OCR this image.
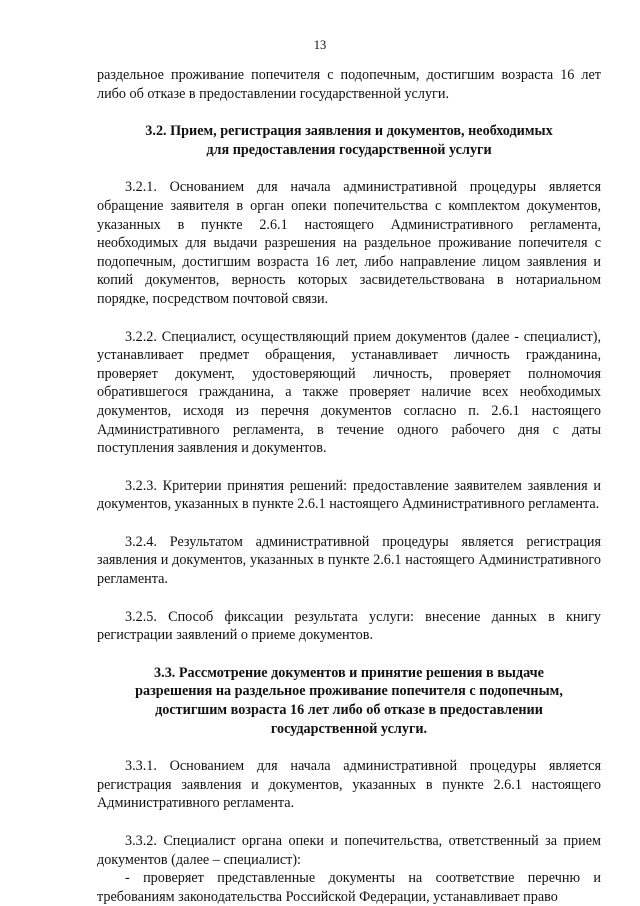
13

раздельное проживание попечителя с подопечным, достигшим возраста 16 лет либо об отказе в предоставлении государственной услуги.

3.2. Прием, регистрация заявления и документов, необходимых
для предоставления государственной услуги

3.2.1. Основанием для начала административной процедуры является обращение заявителя в орган опеки попечительства с комплектом документов, указанных в пункте 2.6.1 настоящего Административного регламента, необходимых для выдачи разрешения на раздельное проживание попечителя с подопечным, достигшим возраста 16 лет, либо направление лицом заявления и копий документов, верность которых засвидетельствована в нотариальном порядке, посредством почтовой связи.

3.2.2. Специалист, осуществляющий прием документов (далее - специалист), устанавливает предмет обращения, устанавливает личность гражданина, проверяет документ, удостоверяющий личность, проверяет полномочия обратившегося гражданина, а также проверяет наличие всех необходимых документов, исходя из перечня документов согласно п. 2.6.1 настоящего Административного регламента, в течение одного рабочего дня с даты поступления заявления и документов.

3.2.3. Критерии принятия решений: предоставление заявителем заявления и документов, указанных в пункте 2.6.1 настоящего Административного регламента.

3.2.4. Результатом административной процедуры является регистрация заявления и документов, указанных в пункте 2.6.1 настоящего Административного регламента.

3.2.5. Способ фиксации результата услуги: внесение данных в книгу регистрации заявлений о приеме документов.

3.3. Рассмотрение документов и принятие решения в выдаче
разрешения на раздельное проживание попечителя с подопечным,
достигшим возраста 16 лет либо об отказе в предоставлении
государственной услуги.

3.3.1. Основанием для начала административной процедуры является регистрация заявления и документов, указанных в пункте 2.6.1 настоящего Административного регламента.

3.3.2. Специалист органа опеки и попечительства, ответственный за прием документов (далее – специалист):

- проверяет представленные документы на соответствие перечню и требованиям законодательства Российской Федерации, устанавливает право
